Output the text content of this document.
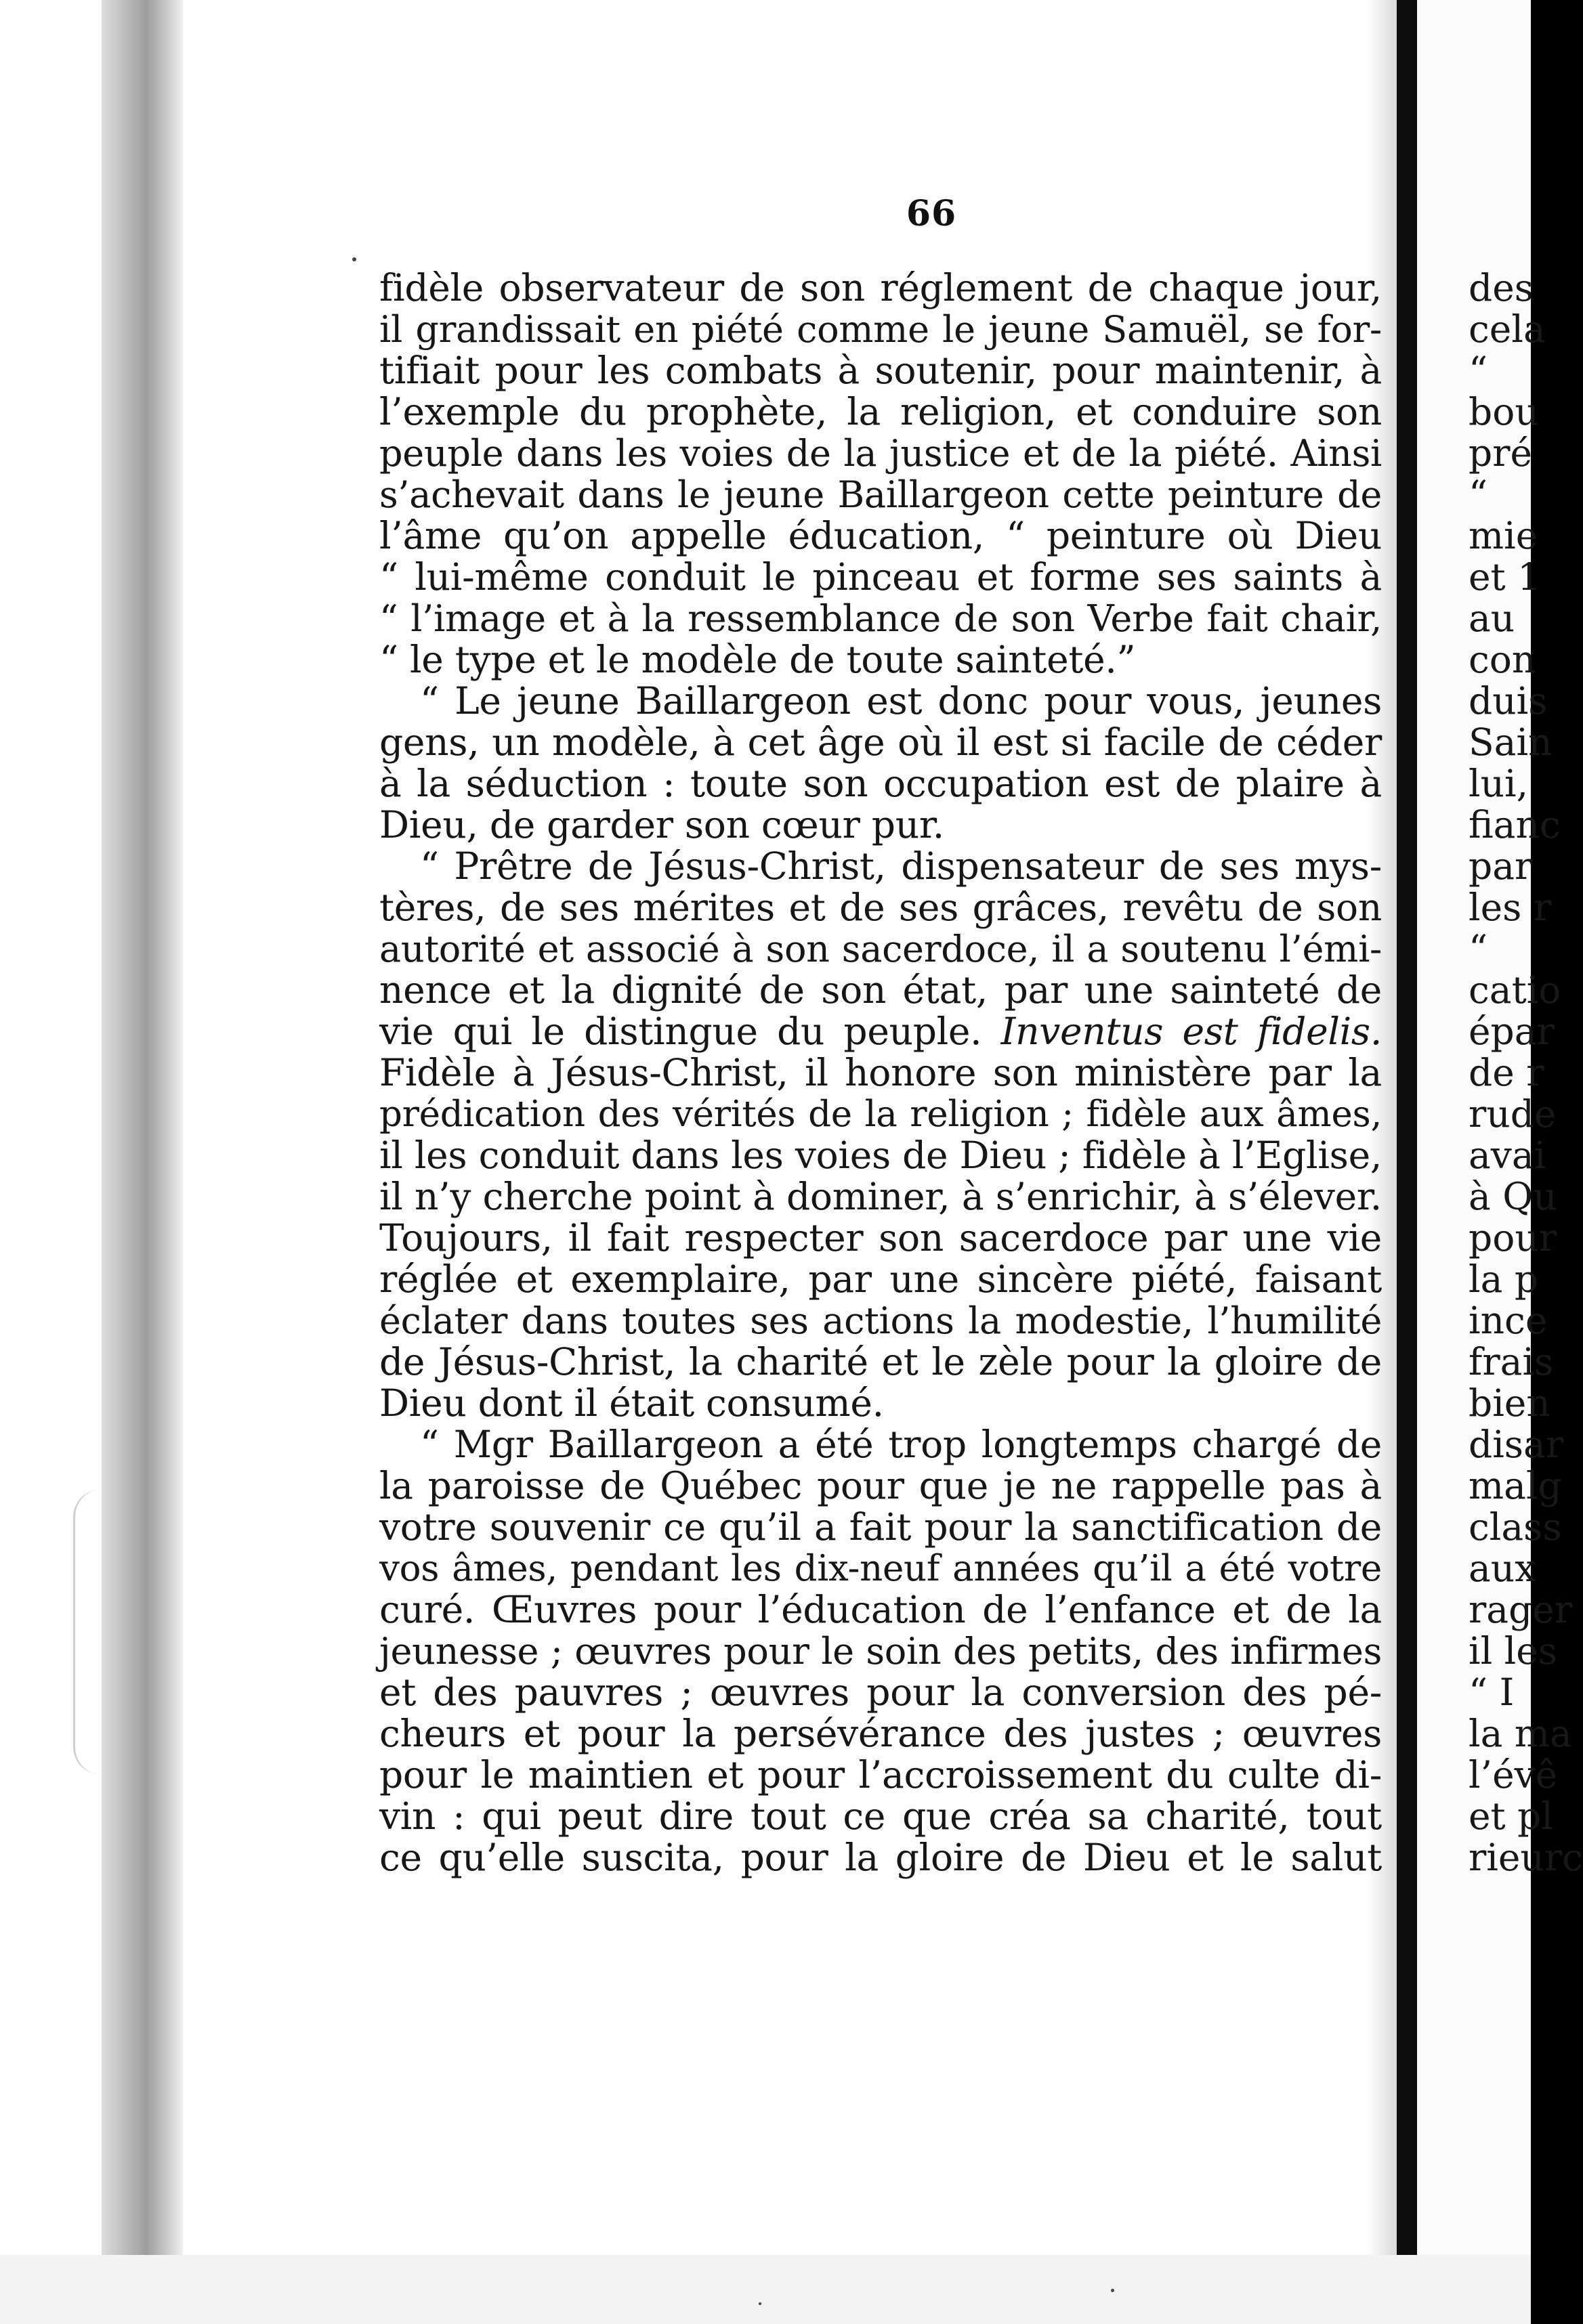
66
fidèle observateur de son réglement de chaque jour,
il grandissait en piété comme le jeune Samuël, se for-
tifiait pour les combats à soutenir, pour maintenir, à
l’exemple du prophète, la religion, et conduire son
peuple dans les voies de la justice et de la piété. Ainsi
s’achevait dans le jeune Baillargeon cette peinture de
l’âme qu’on appelle éducation, “ peinture où Dieu
“ lui-même conduit le pinceau et forme ses saints à
“ l’image et à la ressemblance de son Verbe fait chair,
“ le type et le modèle de toute sainteté.”
“ Le jeune Baillargeon est donc pour vous, jeunes
gens, un modèle, à cet âge où il est si facile de céder
à la séduction : toute son occupation est de plaire à
Dieu, de garder son cœur pur.
“ Prêtre de Jésus-Christ, dispensateur de ses mys-
tères, de ses mérites et de ses grâces, revêtu de son
autorité et associé à son sacerdoce, il a soutenu l’émi-
nence et la dignité de son état, par une sainteté de
vie qui le distingue du peuple. Inventus est fidelis.
Fidèle à Jésus-Christ, il honore son ministère par la
prédication des vérités de la religion ; fidèle aux âmes,
il les conduit dans les voies de Dieu ; fidèle à l’Eglise,
il n’y cherche point à dominer, à s’enrichir, à s’élever.
Toujours, il fait respecter son sacerdoce par une vie
réglée et exemplaire, par une sincère piété, faisant
éclater dans toutes ses actions la modestie, l’humilité
de Jésus-Christ, la charité et le zèle pour la gloire de
Dieu dont il était consumé.
“ Mgr Baillargeon a été trop longtemps chargé de
la paroisse de Québec pour que je ne rappelle pas à
votre souvenir ce qu’il a fait pour la sanctification de
vos âmes, pendant les dix-neuf années qu’il a été votre
curé. Œuvres pour l’éducation de l’enfance et de la
jeunesse ; œuvres pour le soin des petits, des infirmes
et des pauvres ; œuvres pour la conversion des pé-
cheurs et pour la persévérance des justes ; œuvres
pour le maintien et pour l’accroissement du culte di-
vin : qui peut dire tout ce que créa sa charité, tout
ce qu’elle suscita, pour la gloire de Dieu et le salut
des
cela
“
bou
pré
“
mie
et 1
au
con
duis
Sain
lui,
fianc
par
les r
“
catio
épar
de r
rude
avai
à Qu
pour
la p
ince
frais
bien
disar
malg
class
aux
rager
il les
“ I
la ma
l’évê
et pl
rieurc
